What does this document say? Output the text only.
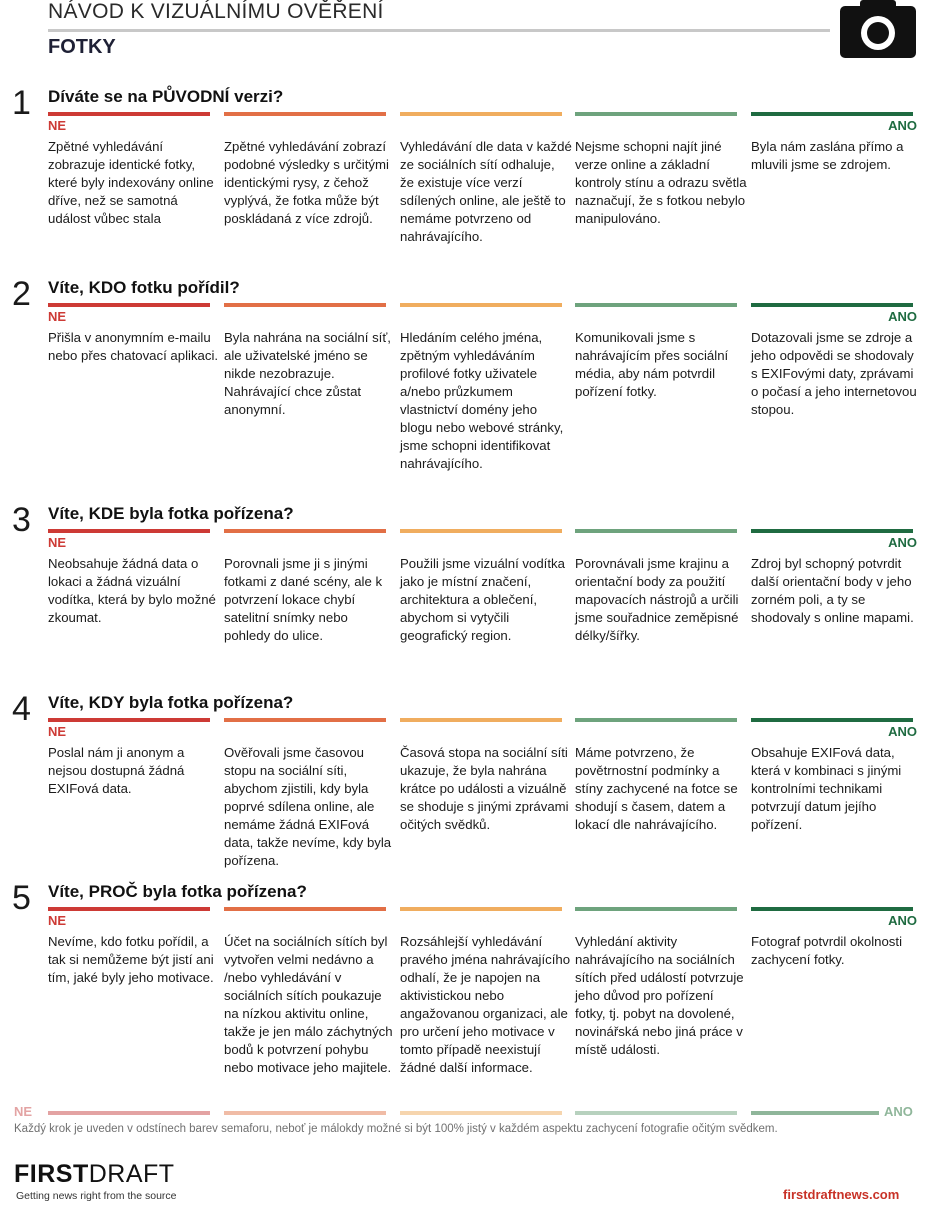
NÁVOD K VIZUÁLNÍMU OVĚŘENÍ
FOTKY
1 Díváte se na PŮVODNÍ verzi?
NE	ANO
Zpětné vyhledávání zobrazuje identické fotky, které byly indexovány online dříve, než se samotná událost vůbec stala
Zpětné vyhledávání zobrazí podobné výsledky s určitými identickými rysy, z čehož vyplývá, že fotka může být poskládaná z více zdrojů.
Vyhledávání dle data v každé ze sociálních sítí odhaluje, že existuje více verzí sdílených online, ale ještě to nemáme potvrzeno od nahrávajícího.
Nejsme schopni najít jiné verze online a základní kontroly stínu a odrazu světla naznačují, že s fotkou nebylo manipulováno.
Byla nám zaslána přímo a mluvili jsme se zdrojem.
2 Víte, KDO fotku pořídil?
NE	ANO
Přišla v anonymním e-mailu nebo přes chatovací aplikaci.
Byla nahrána na sociální síť, ale uživatelské jméno se nikde nezobrazuje. Nahrávající chce zůstat anonymní.
Hledáním celého jména, zpětným vyhledáváním profilové fotky uživatele a/nebo průzkumem vlastnictví domény jeho blogu nebo webové stránky, jsme schopni identifikovat nahrávajícího.
Komunikovali jsme s nahrávajícím přes sociální média, aby nám potvrdil pořízení fotky.
Dotazovali jsme se zdroje a jeho odpovědi se shodovaly s EXIFovými daty, zprávami o počasí a jeho internetovou stopou.
3 Víte, KDE byla fotka pořízena?
NE	ANO
Neobsahuje žádná data o lokaci a žádná vizuální vodítka, která by bylo možné zkoumat.
Porovnali jsme ji s jinými fotkami z dané scény, ale k potvrzení lokace chybí satelitní snímky nebo pohledy do ulice.
Použili jsme vizuální vodítka jako je místní značení, architektura a oblečení, abychom si vytyčili geografický region.
Porovnávali jsme krajinu a orientační body za použití mapovacích nástrojů a určili jsme souřadnice zeměpisné délky/šířky.
Zdroj byl schopný potvrdit další orientační body v jeho zorném poli, a ty se shodovaly s online mapami.
4 Víte, KDY byla fotka pořízena?
NE	ANO
Poslal nám ji anonym a nejsou dostupná žádná EXIFová data.
Ověřovali jsme časovou stopu na sociální síti, abychom zjistili, kdy byla poprvé sdílena online, ale nemáme žádná EXIFová data, takže nevíme, kdy byla pořízena.
Časová stopa na sociální síti ukazuje, že byla nahrána krátce po události a vizuálně se shoduje s jinými zprávami očitých svědků.
Máme potvrzeno, že povětrnostní podmínky a stíny zachycené na fotce se shodují s časem, datem a lokací dle nahrávajícího.
Obsahuje EXIFová data, která v kombinaci s jinými kontrolními technikami potvrzují datum jejího pořízení.
5 Víte, PROČ byla fotka pořízena?
NE	ANO
Nevíme, kdo fotku pořídil, a tak si nemůžeme být jistí ani tím, jaké byly jeho motivace.
Účet na sociálních sítích byl vytvořen velmi nedávno a /nebo vyhledávání v sociálních sítích poukazuje na nízkou aktivitu online, takže je jen málo záchytných bodů k potvrzení pohybu nebo motivace jeho majitele.
Rozsáhlejší vyhledávání pravého jména nahrávajícího odhalí, že je napojen na aktivistickou nebo angažovanou organizaci, ale pro určení jeho motivace v tomto případě neexistují žádné další informace.
Vyhledání aktivity nahrávajícího na sociálních sítích před událostí potvrzuje jeho důvod pro pořízení fotky, tj. pobyt na dovolené, novinářská nebo jiná práce v místě události.
Fotograf potvrdil okolnosti zachycení fotky.
NE	ANO
Každý krok je uveden v odstínech barev semaforu, neboť je málokdy možné si být 100% jistý v každém aspektu zachycení fotografie očitým svědkem.
FIRSTDRAFT
Getting news right from the source	firstdraftnews.com
